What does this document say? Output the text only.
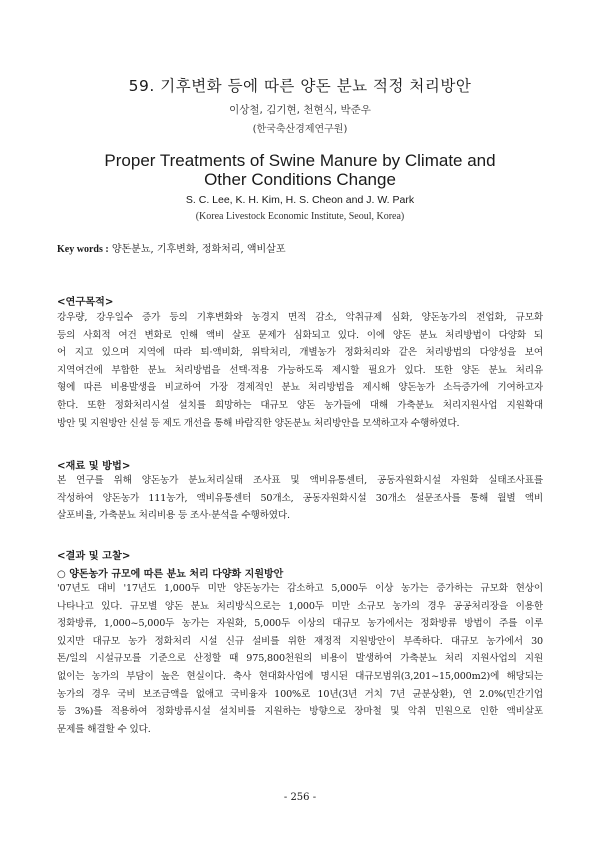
59. 기후변화 등에 따른 양돈 분뇨 적정 처리방안
이상철, 김기현, 천현식, 박준우
(한국축산경제연구원)
Proper Treatments of Swine Manure by Climate and
Other Conditions Change
S. C. Lee, K. H. Kim, H. S. Cheon and J. W. Park
(Korea Livestock Economic Institute, Seoul, Korea)
Key words : 양돈분뇨, 기후변화, 정화처리, 액비살포
<연구목적>
강우량, 강우일수 증가 등의 기후변화와 농경지 면적 감소, 악취규제 심화, 양돈농가의 전업화, 규모화
등의 사회적 여건 변화로 인해 액비 살포 문제가 심화되고 있다. 이에 양돈 분뇨 처리방법이 다양화 되
어 지고 있으며 지역에 따라 퇴·액비화, 위탁처리, 개별농가 정화처리와 같은 처리방법의 다양성을 보여
지역여건에 부합한 분뇨 처리방법을 선택·적용 가능하도록 제시할 필요가 있다. 또한 양돈 분뇨 처리유
형에 따른 비용발생을 비교하여 가장 경제적인 분뇨 처리방법을 제시해 양돈농가 소득증가에 기여하고자
한다. 또한 정화처리시설 설치를 희망하는 대규모 양돈 농가들에 대해 가축분뇨 처리지원사업 지원확대
방안 및 지원방안 신설 등 제도 개선을 통해 바람직한 양돈분뇨 처리방안을 모색하고자 수행하였다.
<재료 및 방법>
본 연구를 위해 양돈농가 분뇨처리실태 조사표 및 액비유통센터, 공동자원화시설 자원화 실태조사표를
작성하여 양돈농가 111농가, 액비유통센터 50개소, 공동자원화시설 30개소 설문조사를 통해 월별 액비
살포비율, 가축분뇨 처리비용 등 조사·분석을 수행하였다.
<결과 및 고찰>
○ 양돈농가 규모에 따른 분뇨 처리 다양화 지원방안
'07년도 대비 '17년도 1,000두 미만 양돈농가는 감소하고 5,000두 이상 농가는 증가하는 규모화 현상이
나타나고 있다. 규모별 양돈 분뇨 처리방식으로는 1,000두 미만 소규모 농가의 경우 공공처리장을 이용한
정화방류, 1,000~5,000두 농가는 자원화, 5,000두 이상의 대규모 농가에서는 정화방류 방법이 주를 이루
있지만 대규모 농가 정화처리 시설 신규 설비를 위한 재정적 지원방안이 부족하다. 대규모 농가에서 30
톤/일의 시설규모를 기준으로 산정할 때 975,800천원의 비용이 발생하여 가축분뇨 처리 지원사업의 지원
없이는 농가의 부담이 높은 현실이다. 축사 현대화사업에 명시된 대규모범위(3,201~15,000m2)에 해당되는
농가의 경우 국비 보조금액을 없애고 국비융자 100%로 10년(3년 거치 7년 균분상환), 연 2.0%(민간기업
등 3%)를 적용하여 정화방류시설 설치비를 지원하는 방향으로 장마철 및 악취 민원으로 인한 액비살포
문제를 해결할 수 있다.
- 256 -
